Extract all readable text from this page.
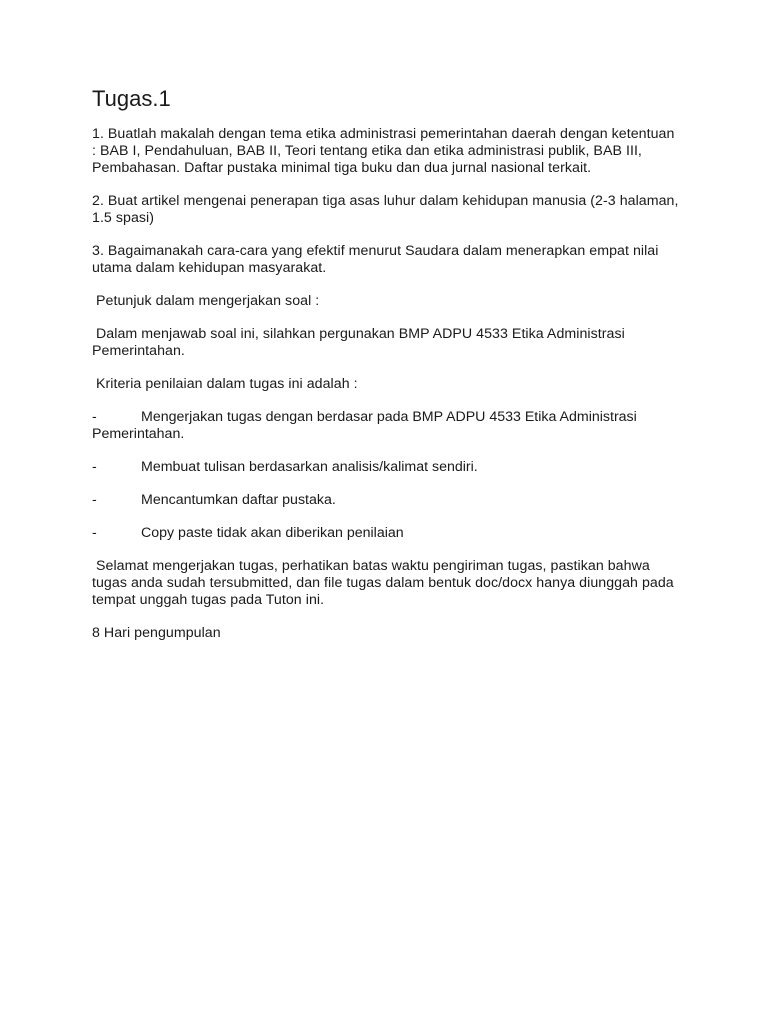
Tugas.1

1. Buatlah makalah dengan tema etika administrasi pemerintahan daerah dengan ketentuan : BAB I, Pendahuluan, BAB II, Teori tentang etika dan etika administrasi publik, BAB III, Pembahasan. Daftar pustaka minimal tiga buku dan dua jurnal nasional terkait.

2. Buat artikel mengenai penerapan tiga asas luhur dalam kehidupan manusia (2-3 halaman, 1.5 spasi)

3. Bagaimanakah cara-cara yang efektif menurut Saudara dalam menerapkan empat nilai utama dalam kehidupan masyarakat.

Petunjuk dalam mengerjakan soal :

Dalam menjawab soal ini, silahkan pergunakan BMP ADPU 4533 Etika Administrasi Pemerintahan.

Kriteria penilaian dalam tugas ini adalah :

-	Mengerjakan tugas dengan berdasar pada BMP ADPU 4533 Etika Administrasi Pemerintahan.
-	Membuat tulisan berdasarkan analisis/kalimat sendiri.
-	Mencantumkan daftar pustaka.
-	Copy paste tidak akan diberikan penilaian

Selamat mengerjakan tugas, perhatikan batas waktu pengiriman tugas, pastikan bahwa tugas anda sudah tersubmitted, dan file tugas dalam bentuk doc/docx hanya diunggah pada tempat unggah tugas pada Tuton ini.

8 Hari pengumpulan
